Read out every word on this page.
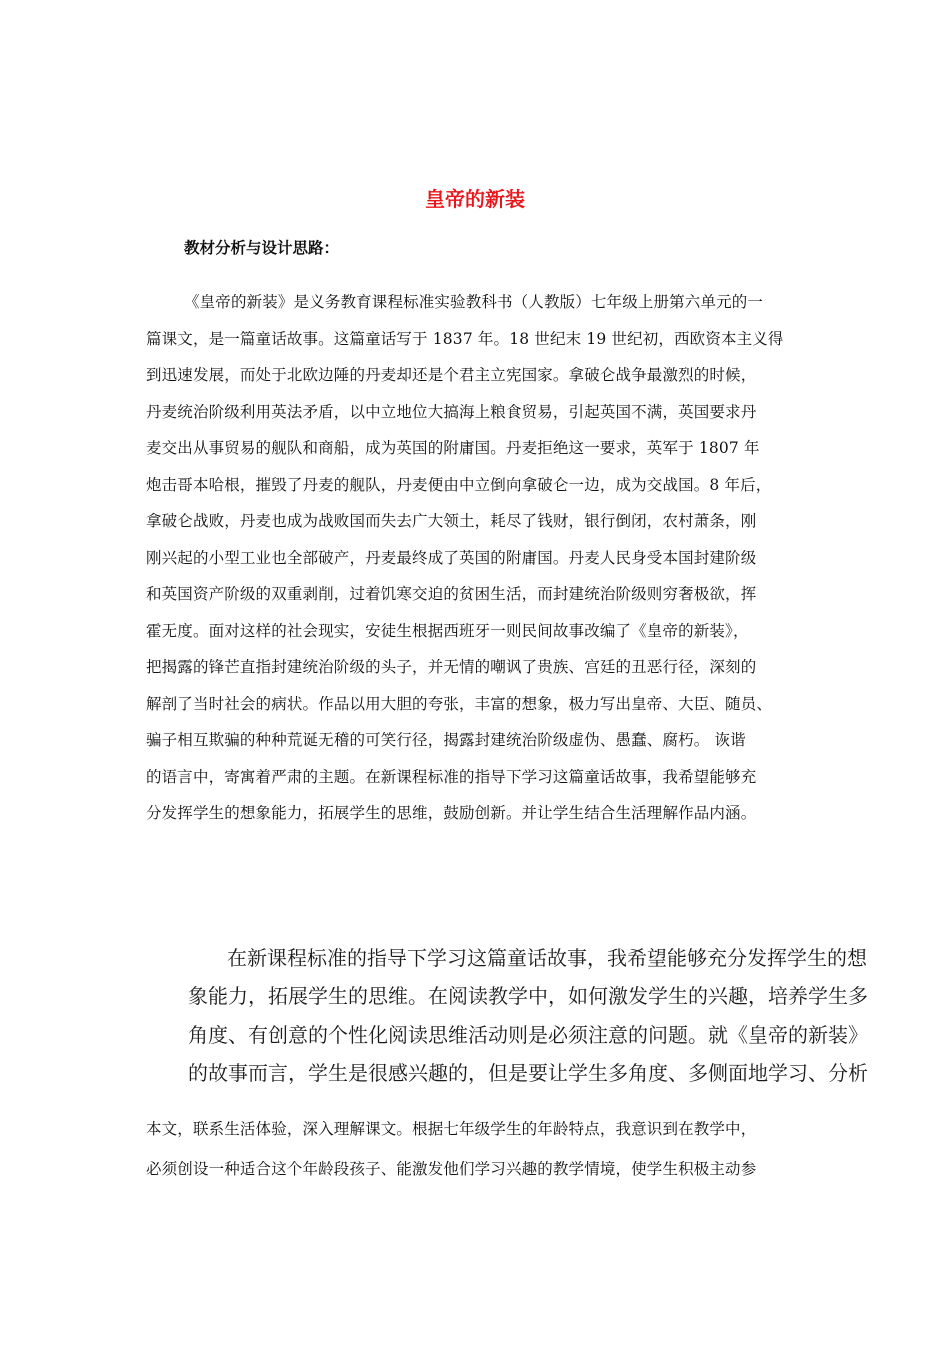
皇帝的新装
教材分析与设计思路：
《皇帝的新装》是义务教育课程标准实验教科书（人教版）七年级上册第六单元的一
篇课文，是一篇童话故事。这篇童话写于 1837 年。18 世纪末 19 世纪初，西欧资本主义得
到迅速发展，而处于北欧边陲的丹麦却还是个君主立宪国家。拿破仑战争最激烈的时候，
丹麦统治阶级利用英法矛盾，以中立地位大搞海上粮食贸易，引起英国不满，英国要求丹
麦交出从事贸易的舰队和商船，成为英国的附庸国。丹麦拒绝这一要求，英军于 1807 年
炮击哥本哈根，摧毁了丹麦的舰队，丹麦便由中立倒向拿破仑一边，成为交战国。8 年后，
拿破仑战败，丹麦也成为战败国而失去广大领土，耗尽了钱财，银行倒闭，农村萧条，刚
刚兴起的小型工业也全部破产，丹麦最终成了英国的附庸国。丹麦人民身受本国封建阶级
和英国资产阶级的双重剥削，过着饥寒交迫的贫困生活，而封建统治阶级则穷奢极欲，挥
霍无度。面对这样的社会现实，安徒生根据西班牙一则民间故事改编了《皇帝的新装》，
把揭露的锋芒直指封建统治阶级的头子，并无情的嘲讽了贵族、宫廷的丑恶行径，深刻的
解剖了当时社会的病状。作品以用大胆的夸张，丰富的想象，极力写出皇帝、大臣、随员、
骗子相互欺骗的种种荒诞无稽的可笑行径，揭露封建统治阶级虚伪、愚蠢、腐朽。 诙谐
的语言中，寄寓着严肃的主题。在新课程标准的指导下学习这篇童话故事，我希望能够充
分发挥学生的想象能力，拓展学生的思维，鼓励创新。并让学生结合生活理解作品内涵。
在新课程标准的指导下学习这篇童话故事，我希望能够充分发挥学生的想
象能力，拓展学生的思维。在阅读教学中，如何激发学生的兴趣，培养学生多
角度、有创意的个性化阅读思维活动则是必须注意的问题。就《皇帝的新装》
的故事而言，学生是很感兴趣的，但是要让学生多角度、多侧面地学习、分析
本文，联系生活体验，深入理解课文。根据七年级学生的年龄特点，我意识到在教学中，
必须创设一种适合这个年龄段孩子、能激发他们学习兴趣的教学情境，使学生积极主动参
